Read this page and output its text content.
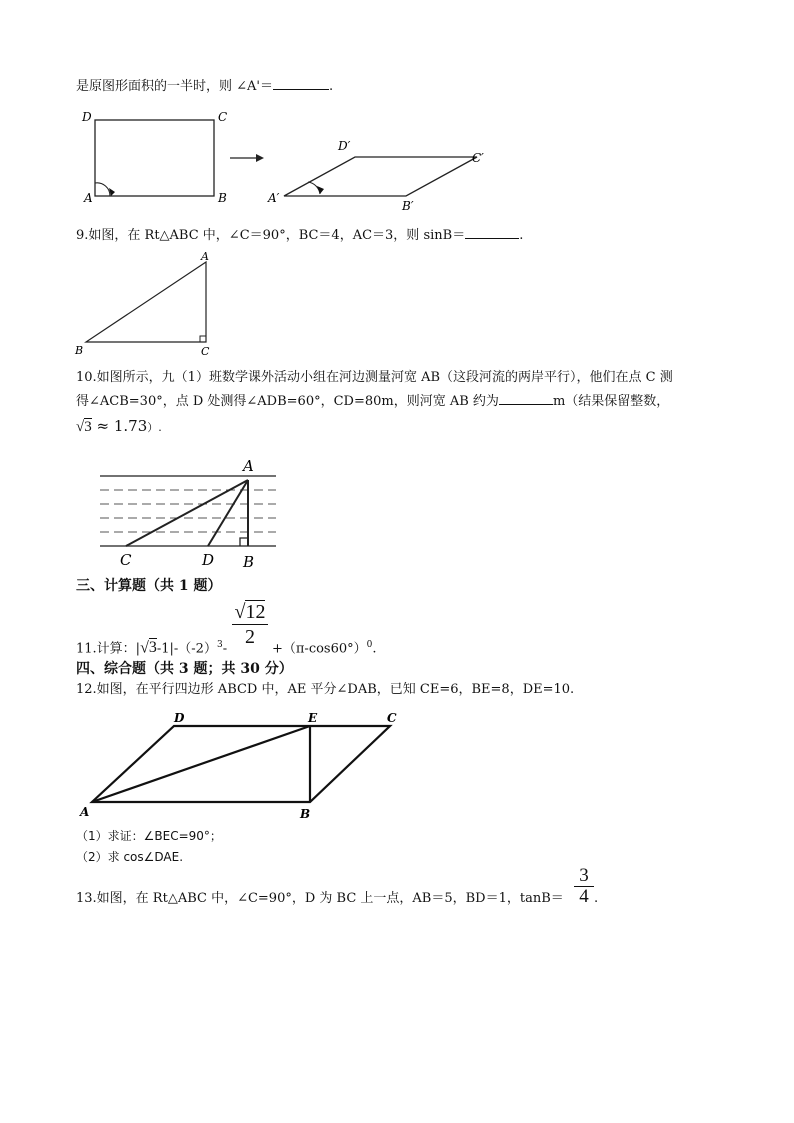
是原图形面积的一半时，则 ∠A'＝	.
D	C
A	B
D′
C′
A′
B′
9.如图，在 Rt△ABC 中，∠C＝90°，BC＝4，AC＝3，则 sinB＝	.
A
B	C
10.如图所示，九（1）班数学课外活动小组在河边测量河宽 AB（这段河流的两岸平行），他们在点 C 测
得∠ACB=30°，点 D 处测得∠ADB=60°，CD=80m，则河宽 AB 约为	m（结果保留整数，
√3 ≈ 1.73）.
A
C	D B
三、计算题（共 1 题）
11.计算：$|√3-1|-(-2)^3- \frac{√12}{2} +(\pi-\cos 60^\circ)^0$.
四、综合题（共 3 题；共 30 分）
12.如图，在平行四边形 ABCD 中，AE 平分∠DAB，已知 CE=6，BE=8，DE=10.
D	E	C
A	B
（1）求证：∠BEC=90°；
（2）求 cos∠DAE.
13.如图，在 Rt△ABC 中，∠C=90°，D 为 BC 上一点，AB＝5，BD＝1，$\tan B= \frac{3}{4}$ .
